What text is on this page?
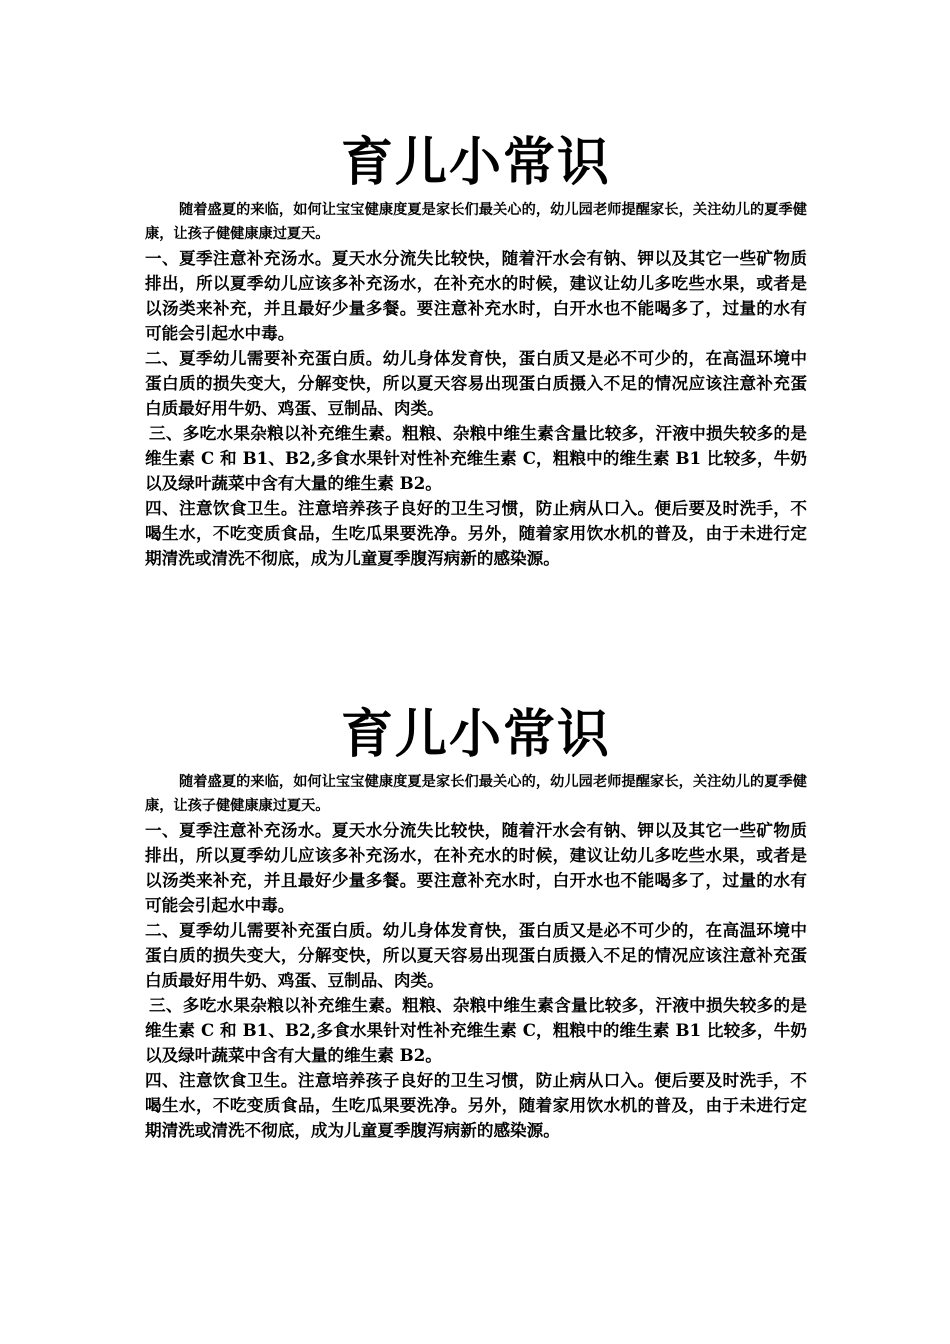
育儿小常识

随着盛夏的来临，如何让宝宝健康度夏是家长们最关心的，幼儿园老师提醒家长，关注幼儿的夏季健康，让孩子健健康康过夏天。

一、夏季注意补充汤水。夏天水分流失比较快，随着汗水会有钠、钾以及其它一些矿物质排出，所以夏季幼儿应该多补充汤水，在补充水的时候，建议让幼儿多吃些水果，或者是以汤类来补充，并且最好少量多餐。要注意补充水时，白开水也不能喝多了，过量的水有可能会引起水中毒。

二、夏季幼儿需要补充蛋白质。幼儿身体发育快，蛋白质又是必不可少的，在高温环境中蛋白质的损失变大，分解变快，所以夏天容易出现蛋白质摄入不足的情况应该注意补充蛋白质最好用牛奶、鸡蛋、豆制品、肉类。

三、多吃水果杂粮以补充维生素。粗粮、杂粮中维生素含量比较多，汗液中损失较多的是维生素 C 和 B1、B2,多食水果针对性补充维生素 C，粗粮中的维生素 B1 比较多，牛奶以及绿叶蔬菜中含有大量的维生素 B2。

四、注意饮食卫生。注意培养孩子良好的卫生习惯，防止病从口入。便后要及时洗手，不喝生水，不吃变质食品，生吃瓜果要洗净。另外，随着家用饮水机的普及，由于未进行定期清洗或清洗不彻底，成为儿童夏季腹泻病新的感染源。

育儿小常识

随着盛夏的来临，如何让宝宝健康度夏是家长们最关心的，幼儿园老师提醒家长，关注幼儿的夏季健康，让孩子健健康康过夏天。

一、夏季注意补充汤水。夏天水分流失比较快，随着汗水会有钠、钾以及其它一些矿物质排出，所以夏季幼儿应该多补充汤水，在补充水的时候，建议让幼儿多吃些水果，或者是以汤类来补充，并且最好少量多餐。要注意补充水时，白开水也不能喝多了，过量的水有可能会引起水中毒。

二、夏季幼儿需要补充蛋白质。幼儿身体发育快，蛋白质又是必不可少的，在高温环境中蛋白质的损失变大，分解变快，所以夏天容易出现蛋白质摄入不足的情况应该注意补充蛋白质最好用牛奶、鸡蛋、豆制品、肉类。

三、多吃水果杂粮以补充维生素。粗粮、杂粮中维生素含量比较多，汗液中损失较多的是维生素 C 和 B1、B2,多食水果针对性补充维生素 C，粗粮中的维生素 B1 比较多，牛奶以及绿叶蔬菜中含有大量的维生素 B2。

四、注意饮食卫生。注意培养孩子良好的卫生习惯，防止病从口入。便后要及时洗手，不喝生水，不吃变质食品，生吃瓜果要洗净。另外，随着家用饮水机的普及，由于未进行定期清洗或清洗不彻底，成为儿童夏季腹泻病新的感染源。
